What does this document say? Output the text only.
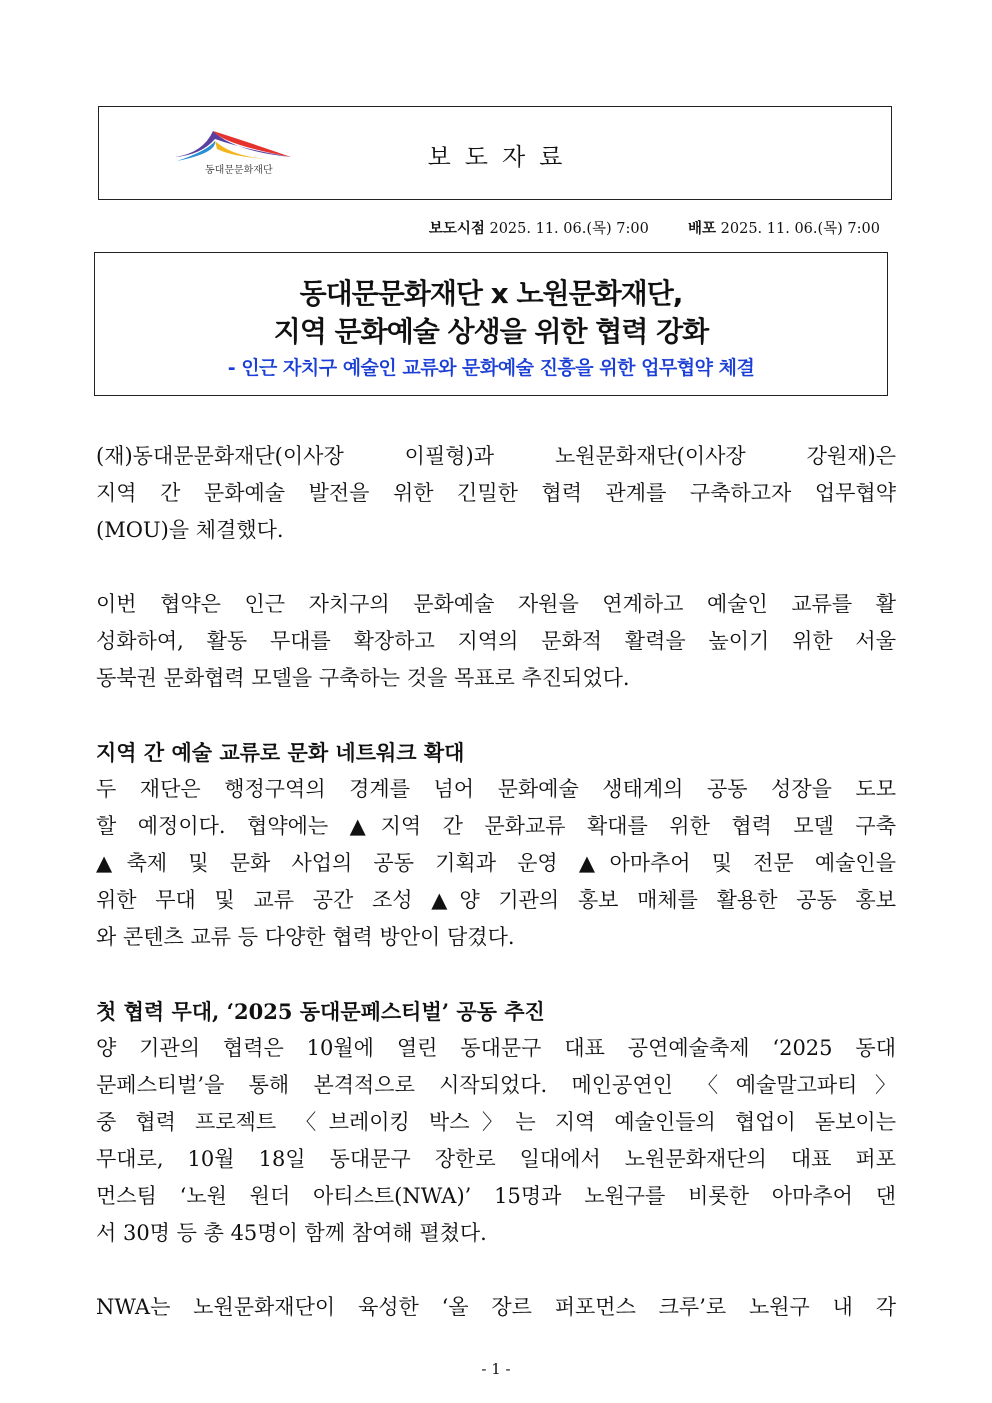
동대문문화재단	보도자료
보도시점 2025. 11. 06.(목) 7:00	배포 2025. 11. 06.(목) 7:00
동대문문화재단 x 노원문화재단,
지역 문화예술 상생을 위한 협력 강화
- 인근 자치구 예술인 교류와 문화예술 진흥을 위한 업무협약 체결

(재)동대문문화재단(이사장 이필형)과 노원문화재단(이사장 강원재)은
지역 간 문화예술 발전을 위한 긴밀한 협력 관계를 구축하고자 업무협약
(MOU)을 체결했다.

이번 협약은 인근 자치구의 문화예술 자원을 연계하고 예술인 교류를 활
성화하여, 활동 무대를 확장하고 지역의 문화적 활력을 높이기 위한 서울
동북권 문화협력 모델을 구축하는 것을 목표로 추진되었다.

지역 간 예술 교류로 문화 네트워크 확대

두 재단은 행정구역의 경계를 넘어 문화예술 생태계의 공동 성장을 도모
할 예정이다. 협약에는 ▲지역 간 문화교류 확대를 위한 협력 모델 구축
▲축제 및 문화 사업의 공동 기획과 운영 ▲아마추어 및 전문 예술인을
위한 무대 및 교류 공간 조성 ▲양 기관의 홍보 매체를 활용한 공동 홍보
와 콘텐츠 교류 등 다양한 협력 방안이 담겼다.

첫 협력 무대, ‘2025 동대문페스티벌’ 공동 추진

양 기관의 협력은 10월에 열린 동대문구 대표 공연예술축제 ‘2025 동대
문페스티벌’을 통해 본격적으로 시작되었다. 메인공연인 〈예술말고파티〉
중 협력 프로젝트 〈브레이킹 박스〉는 지역 예술인들의 협업이 돋보이는
무대로, 10월 18일 동대문구 장한로 일대에서 노원문화재단의 대표 퍼포
먼스팀 ‘노원 원더 아티스트(NWA)’ 15명과 노원구를 비롯한 아마추어 댄
서 30명 등 총 45명이 함께 참여해 펼쳤다.

NWA는 노원문화재단이 육성한 ‘올 장르 퍼포먼스 크루’로 노원구 내 각

- 1 -
